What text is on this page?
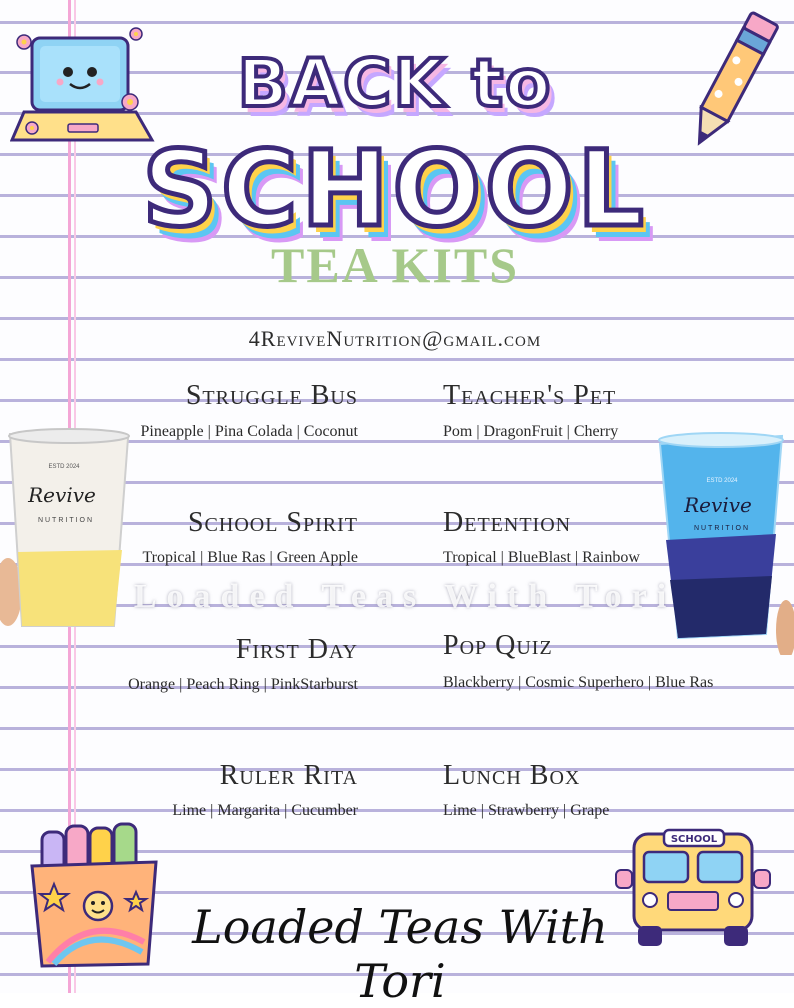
BACK to
SCHOOL
TEA KITS
4ReviveNutrition@gmail.com
ESTD 2024
Revive
NUTRITION
ESTD 2024
Revive
NUTRITION
Struggle Bus
Pineapple | Pina Colada | Coconut
Teacher's Pet
Pom | DragonFruit | Cherry
School Spirit
Tropical | Blue Ras | Green Apple
Detention
Tropical | BlueBlast | Rainbow
Loaded Teas With Tori
First Day
Orange | Peach Ring | PinkStarburst
Pop Quiz
Blackberry | Cosmic Superhero | Blue Ras
Ruler Rita
Lime | Margarita | Cucumber
Lunch Box
Lime | Strawberry | Grape
SCHOOL
Loaded Teas With Tori
